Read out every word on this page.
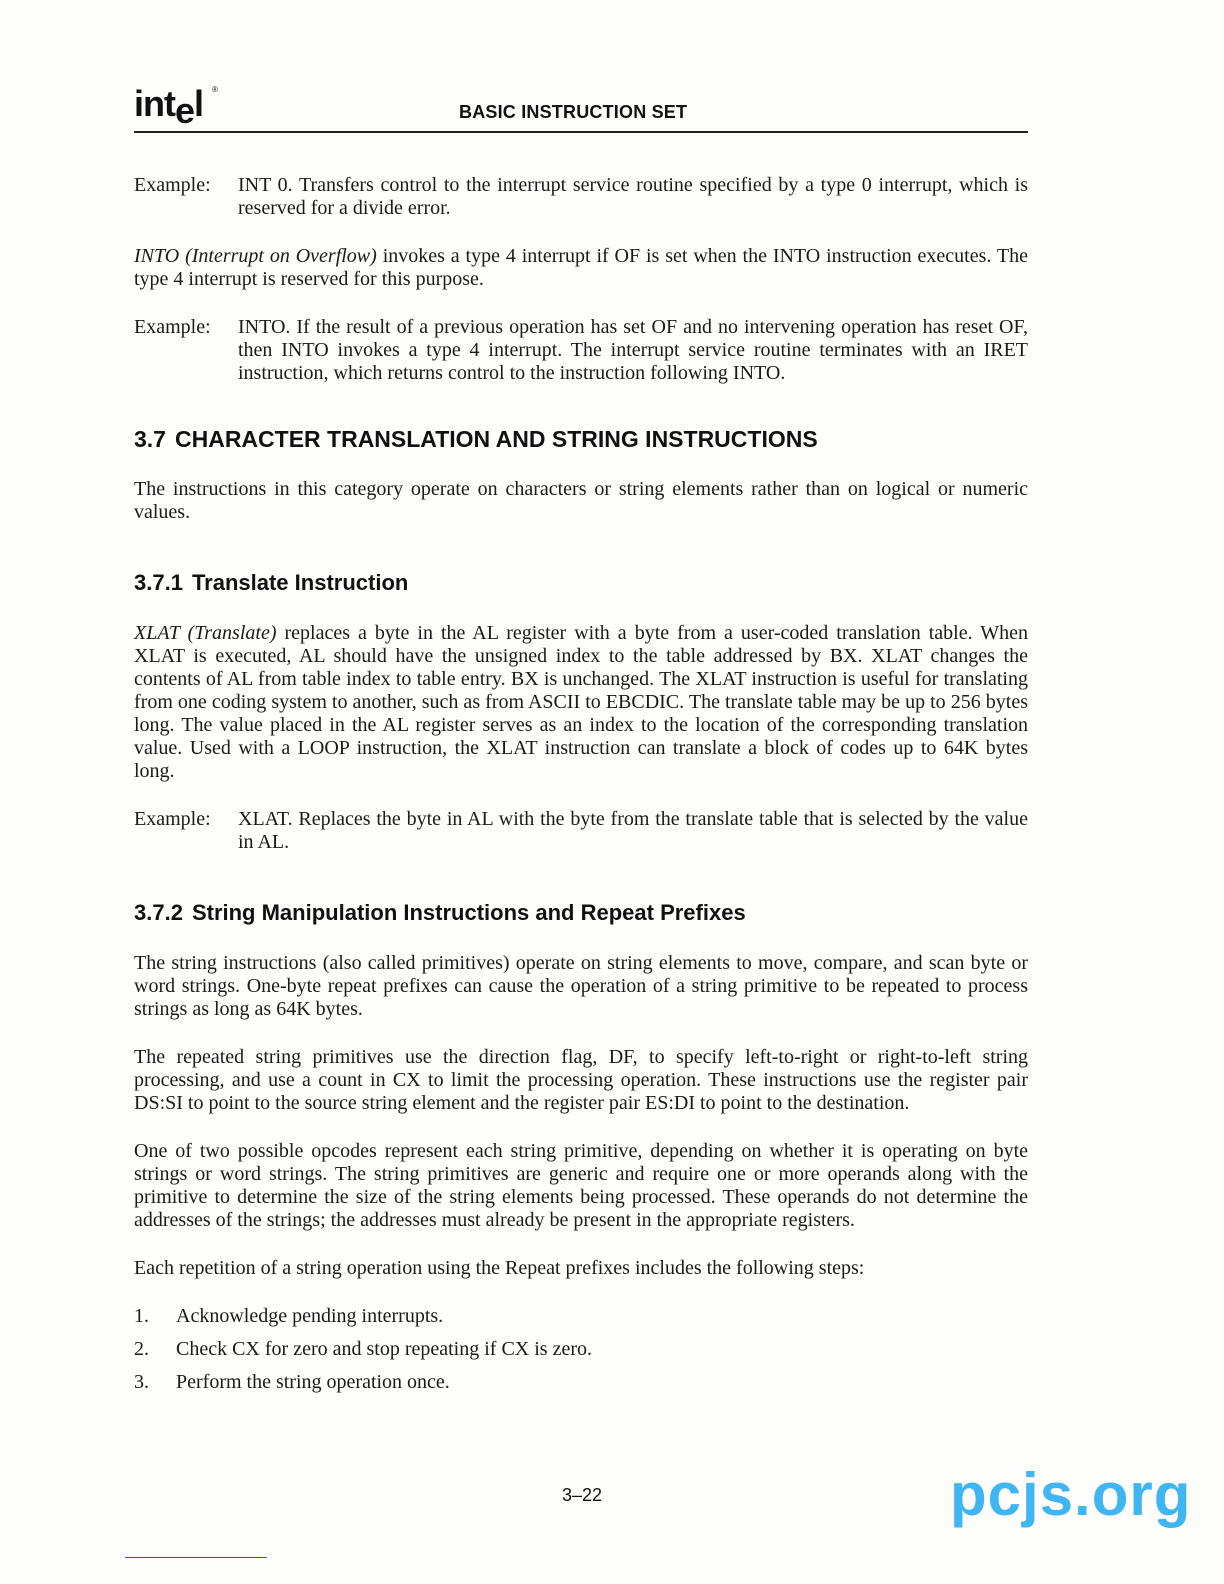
intel ®
BASIC INSTRUCTION SET
Example:	INT 0. Transfers control to the interrupt service routine specified by a type 0 interrupt, which is reserved for a divide error.

INTO (Interrupt on Overflow) invokes a type 4 interrupt if OF is set when the INTO instruction executes. The type 4 interrupt is reserved for this purpose.

Example:	INTO. If the result of a previous operation has set OF and no intervening operation has reset OF, then INTO invokes a type 4 interrupt. The interrupt service routine terminates with an IRET instruction, which returns control to the instruction following INTO.
3.7 CHARACTER TRANSLATION AND STRING INSTRUCTIONS

The instructions in this category operate on characters or string elements rather than on logical or numeric values.

3.7.1 Translate Instruction

XLAT (Translate) replaces a byte in the AL register with a byte from a user-coded translation table. When XLAT is executed, AL should have the unsigned index to the table addressed by BX. XLAT changes the contents of AL from table index to table entry. BX is unchanged. The XLAT instruction is useful for translating from one coding system to another, such as from ASCII to EBCDIC. The translate table may be up to 256 bytes long. The value placed in the AL register serves as an index to the location of the corresponding translation value. Used with a LOOP instruction, the XLAT instruction can translate a block of codes up to 64K bytes long.

Example:	XLAT. Replaces the byte in AL with the byte from the translate table that is selected by the value in AL.
3.7.2 String Manipulation Instructions and Repeat Prefixes

The string instructions (also called primitives) operate on string elements to move, compare, and scan byte or word strings. One-byte repeat prefixes can cause the operation of a string primitive to be repeated to process strings as long as 64K bytes.

The repeated string primitives use the direction flag, DF, to specify left-to-right or right-to-left string processing, and use a count in CX to limit the processing operation. These instructions use the register pair DS:SI to point to the source string element and the register pair ES:DI to point to the destination.

One of two possible opcodes represent each string primitive, depending on whether it is operating on byte strings or word strings. The string primitives are generic and require one or more operands along with the primitive to determine the size of the string elements being processed. These operands do not determine the addresses of the strings; the addresses must already be present in the appropriate registers.

Each repetition of a string operation using the Repeat prefixes includes the following steps:

1.	Acknowledge pending interrupts.
2.	Check CX for zero and stop repeating if CX is zero.
3.	Perform the string operation once.
3–22	pcjs.org
